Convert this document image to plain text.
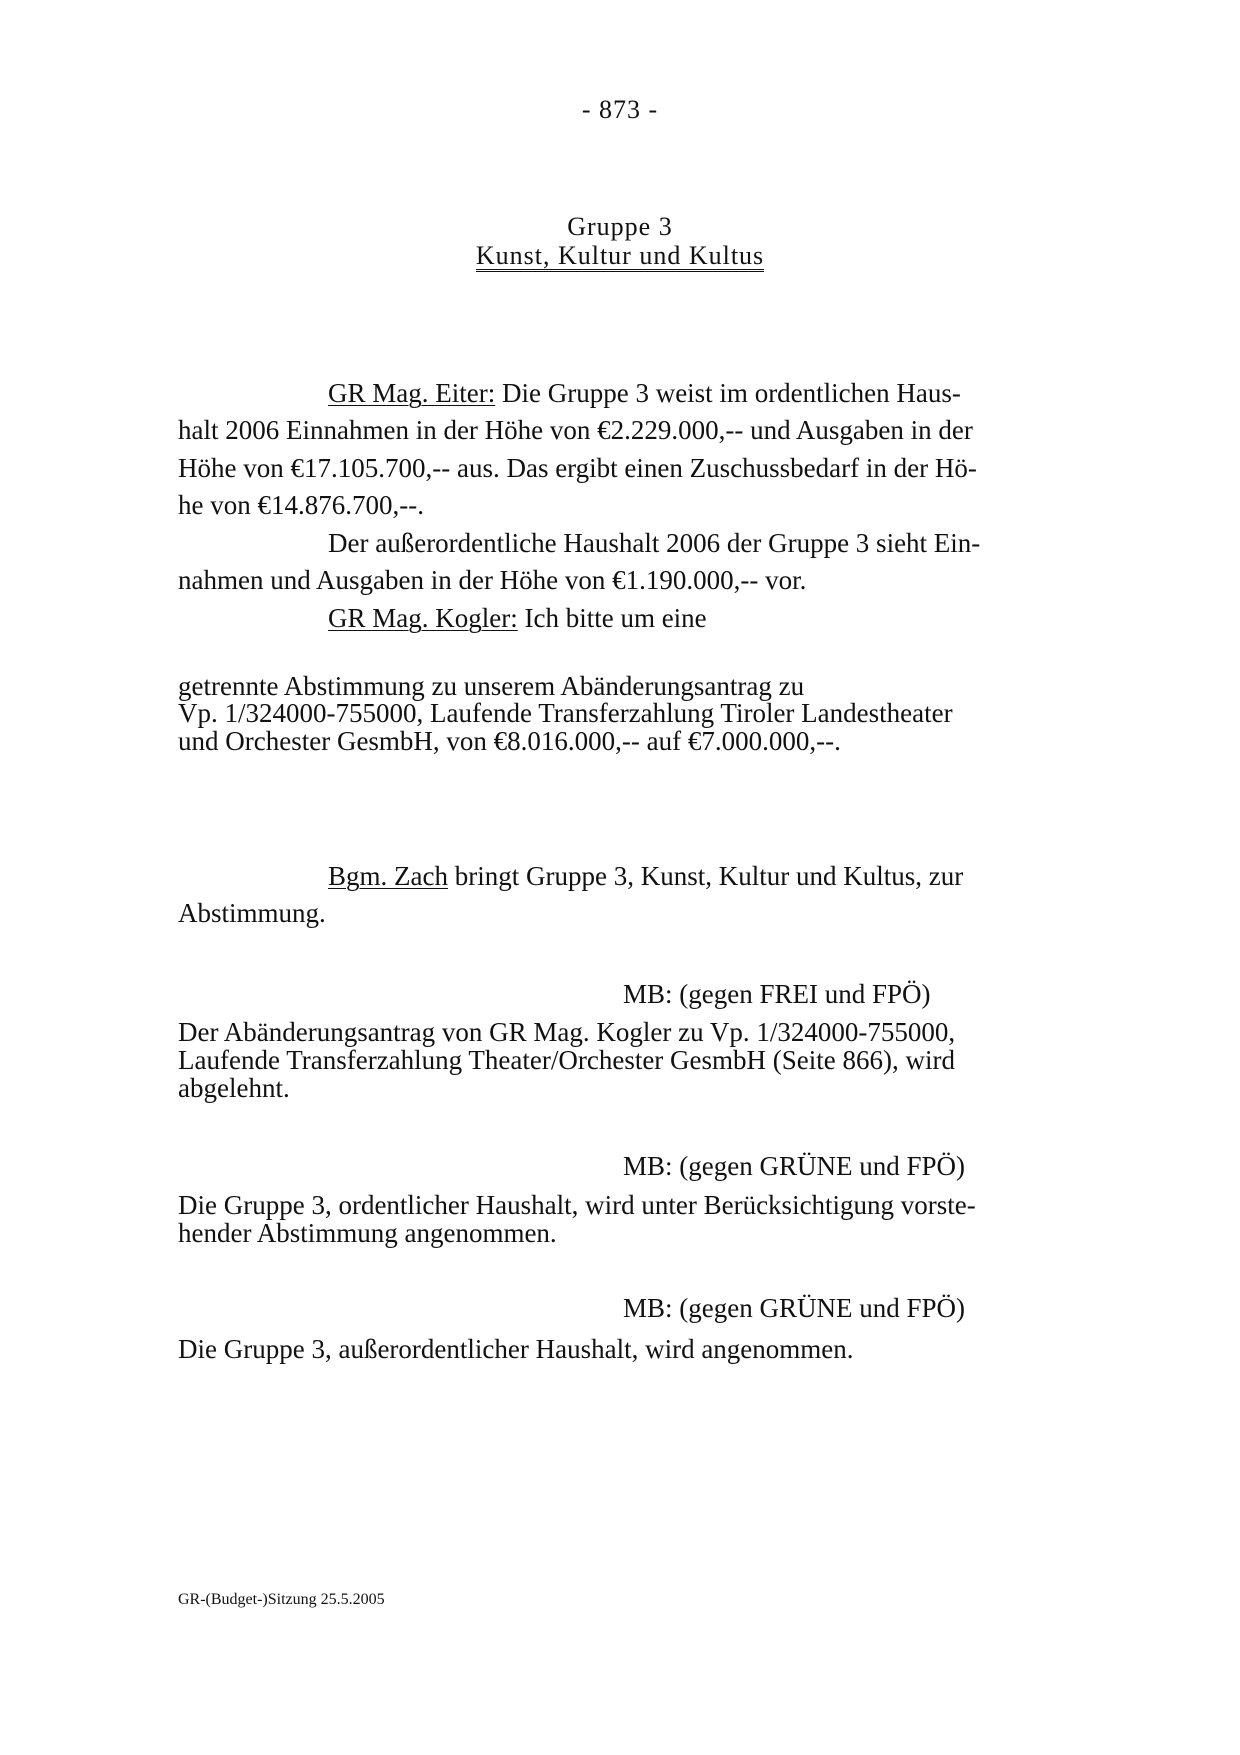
- 873 -
Gruppe 3
Kunst, Kultur und Kultus
GR Mag. Eiter: Die Gruppe 3 weist im ordentlichen Haus-
halt 2006 Einnahmen in der Höhe von €2.229.000,-- und Ausgaben in der
Höhe von €17.105.700,-- aus. Das ergibt einen Zuschussbedarf in der Hö-
he von €14.876.700,--.
Der außerordentliche Haushalt 2006 der Gruppe 3 sieht Ein-
nahmen und Ausgaben in der Höhe von €1.190.000,-- vor.
GR Mag. Kogler: Ich bitte um eine
getrennte Abstimmung zu unserem Abänderungsantrag zu
Vp. 1/324000-755000, Laufende Transferzahlung Tiroler Landestheater
und Orchester GesmbH, von €8.016.000,-- auf €7.000.000,--.
Bgm. Zach bringt Gruppe 3, Kunst, Kultur und Kultus, zur
Abstimmung.
MB: (gegen FREI und FPÖ)
Der Abänderungsantrag von GR Mag. Kogler zu Vp. 1/324000-755000,
Laufende Transferzahlung Theater/Orchester GesmbH (Seite 866), wird
abgelehnt.
MB: (gegen GRÜNE und FPÖ)
Die Gruppe 3, ordentlicher Haushalt, wird unter Berücksichtigung vorste-
hender Abstimmung angenommen.
MB: (gegen GRÜNE und FPÖ)
Die Gruppe 3, außerordentlicher Haushalt, wird angenommen.
GR-(Budget-)Sitzung 25.5.2005
